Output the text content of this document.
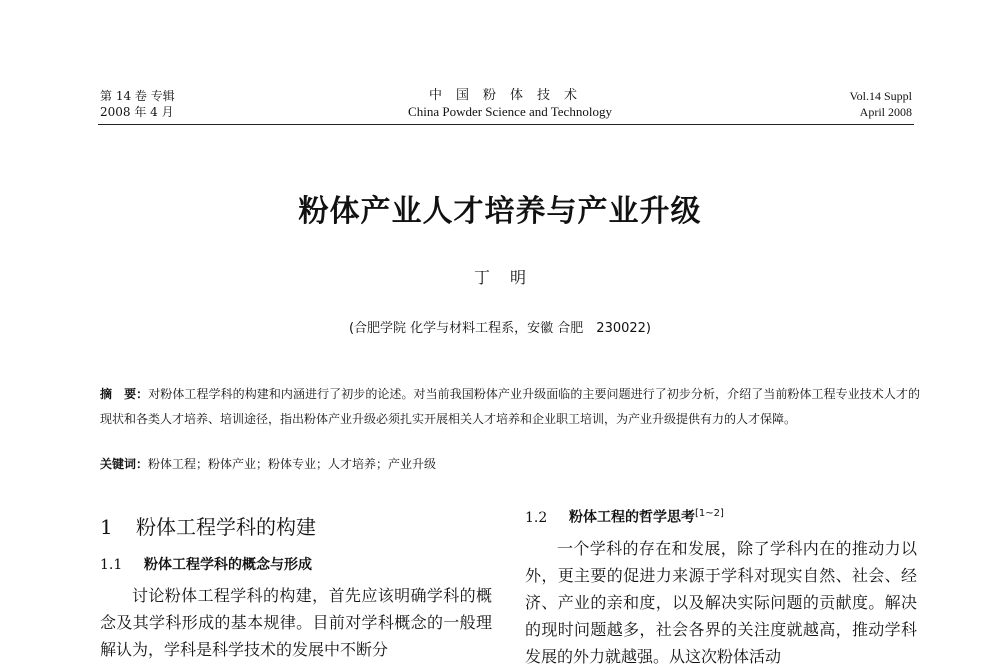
第 14 卷 专辑
2008 年 4 月
中国粉体技术
China Powder Science and Technology
Vol.14 Suppl
April 2008
粉体产业人才培养与产业升级
丁明
(合肥学院 化学与材料工程系，安徽 合肥　230022)
摘　要：对粉体工程学科的构建和内涵进行了初步的论述。对当前我国粉体产业升级面临的主要问题进行了初步分析，介绍了当前粉体工程专业技术人才的现状和各类人才培养、培训途径，指出粉体产业升级必须扎实开展相关人才培养和企业职工培训，为产业升级提供有力的人才保障。
关键词：粉体工程；粉体产业；粉体专业；人才培养；产业升级
1 粉体工程学科的构建
1.1 粉体工程学科的概念与形成

讨论粉体工程学科的构建，首先应该明确学科的概念及其学科形成的基本规律。目前对学科概念的一般理解认为，学科是科学技术的发展中不断分

1.2 粉体工程的哲学思考[1~2]

一个学科的存在和发展，除了学科内在的推动力以外，更主要的促进力来源于学科对现实自然、社会、经济、产业的亲和度，以及解决实际问题的贡献度。解决的现时问题越多，社会各界的关注度就越高，推动学科发展的外力就越强。从这次粉体活动
